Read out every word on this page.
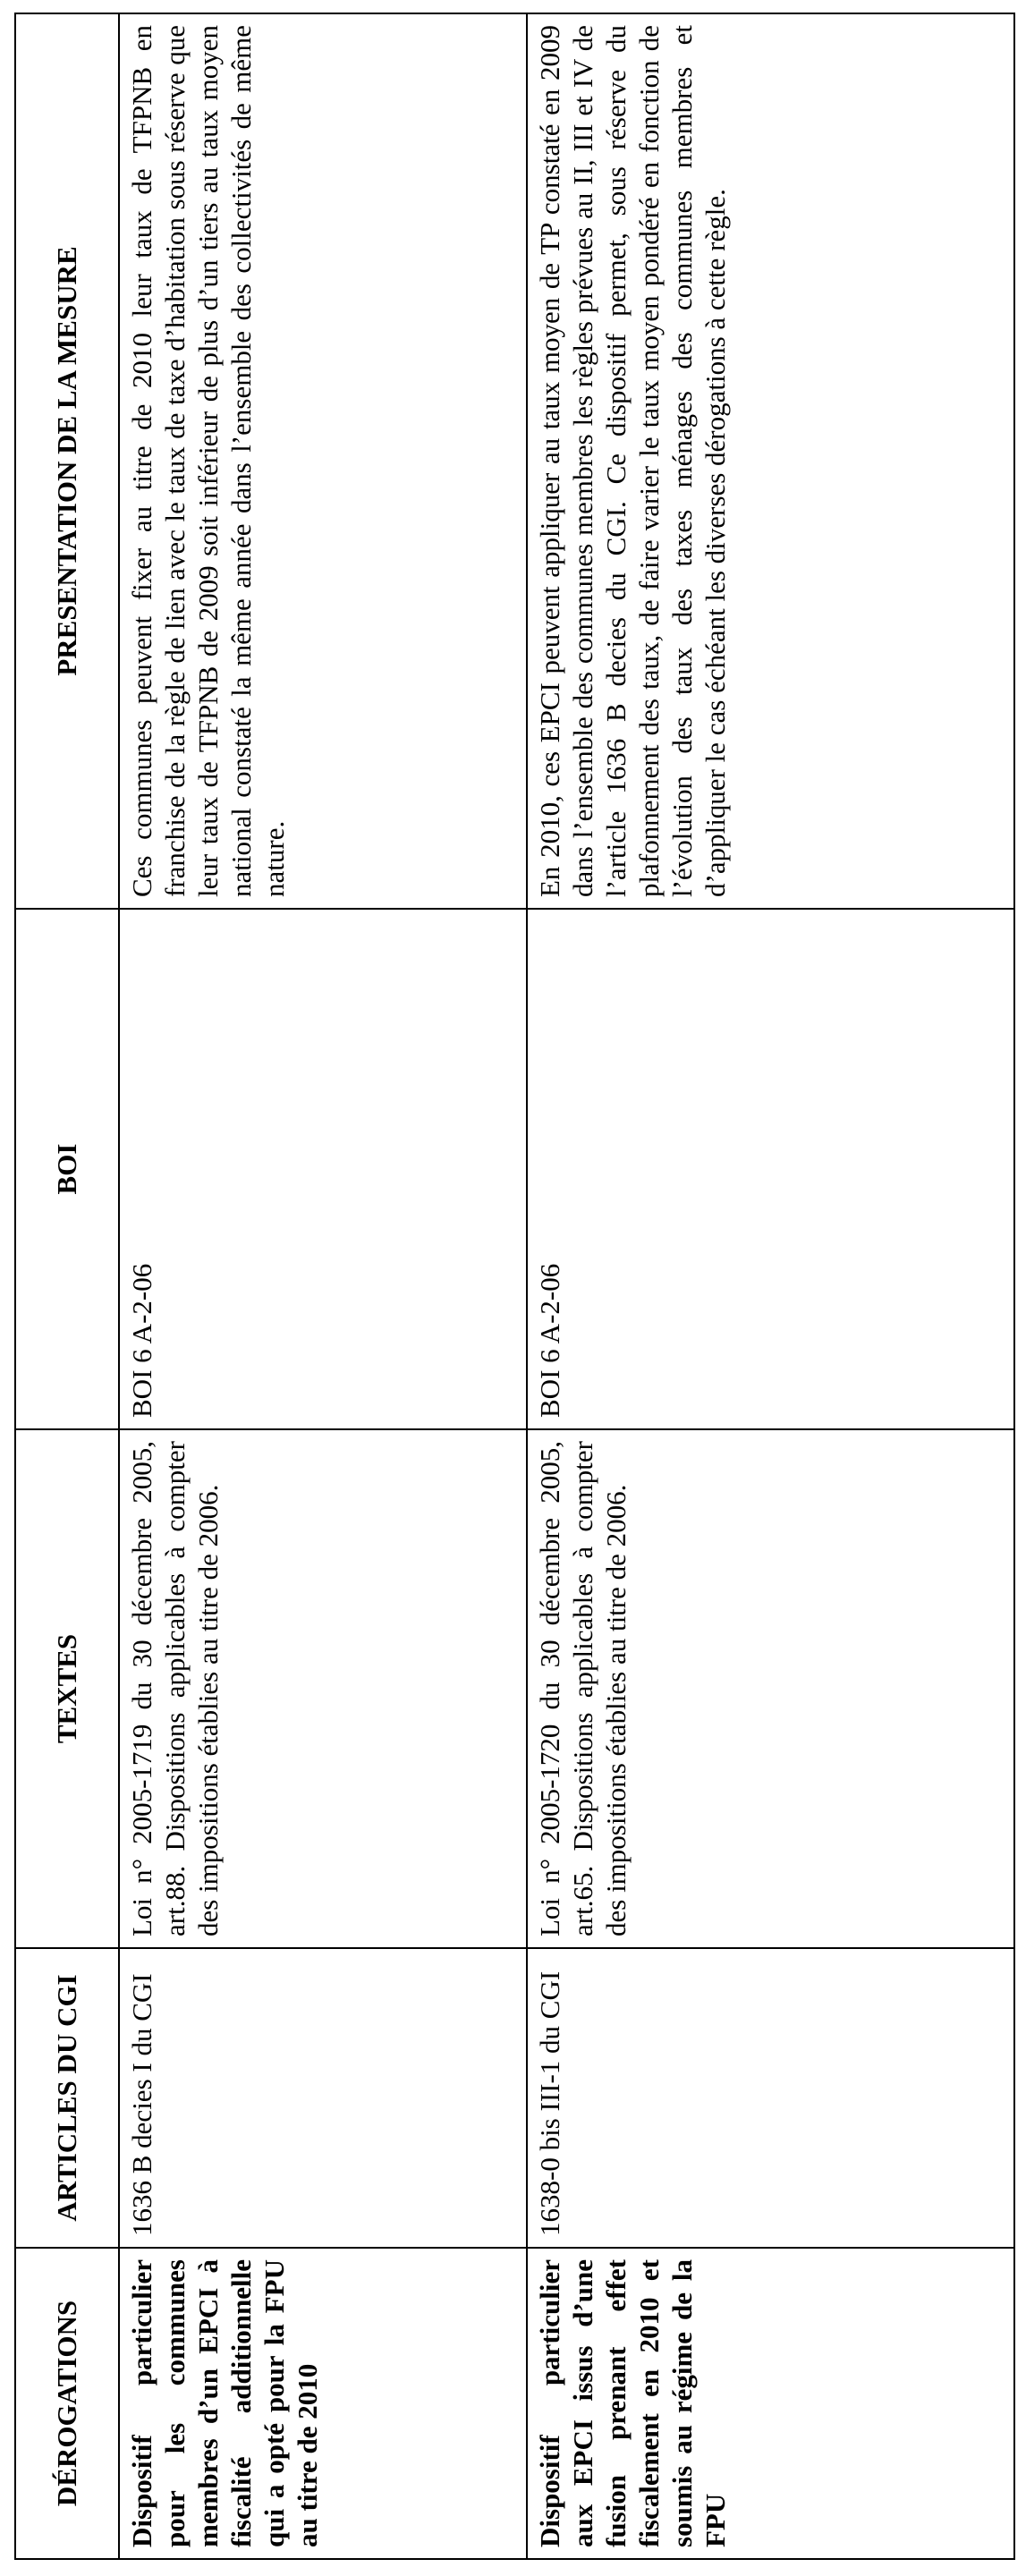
DÉROGATIONS	ARTICLES DU CGI	TEXTES	BOI	PRESENTATION DE LA MESURE
Dispositif particulier pour les communes membres d’un EPCI à fiscalité additionnelle qui a opté pour la FPU au titre de 2010	1636 B decies I du CGI	Loi n° 2005-1719 du 30 décembre 2005, art.88. Dispositions applicables à compter des impositions établies au titre de 2006.	BOI 6 A-2-06	Ces communes peuvent fixer au titre de 2010 leur taux de TFPNB en franchise de la règle de lien avec le taux de taxe d’habitation sous réserve que leur taux de TFPNB de 2009 soit inférieur de plus d’un tiers au taux moyen national constaté la même année dans l’ensemble des collectivités de même nature.
Dispositif particulier aux EPCI issus d’une fusion prenant effet fiscalement en 2010 et soumis au régime de la FPU	1638-0 bis III-1 du CGI	Loi n° 2005-1720 du 30 décembre 2005, art.65. Dispositions applicables à compter des impositions établies au titre de 2006.	BOI 6 A-2-06	En 2010, ces EPCI peuvent appliquer au taux moyen de TP constaté en 2009 dans l’ensemble des communes membres les règles prévues au II, III et IV de l’article 1636 B decies du CGI. Ce dispositif permet, sous réserve du plafonnement des taux, de faire varier le taux moyen pondéré en fonction de l’évolution des taux des taxes ménages des communes membres et d’appliquer le cas échéant les diverses dérogations à cette règle.
